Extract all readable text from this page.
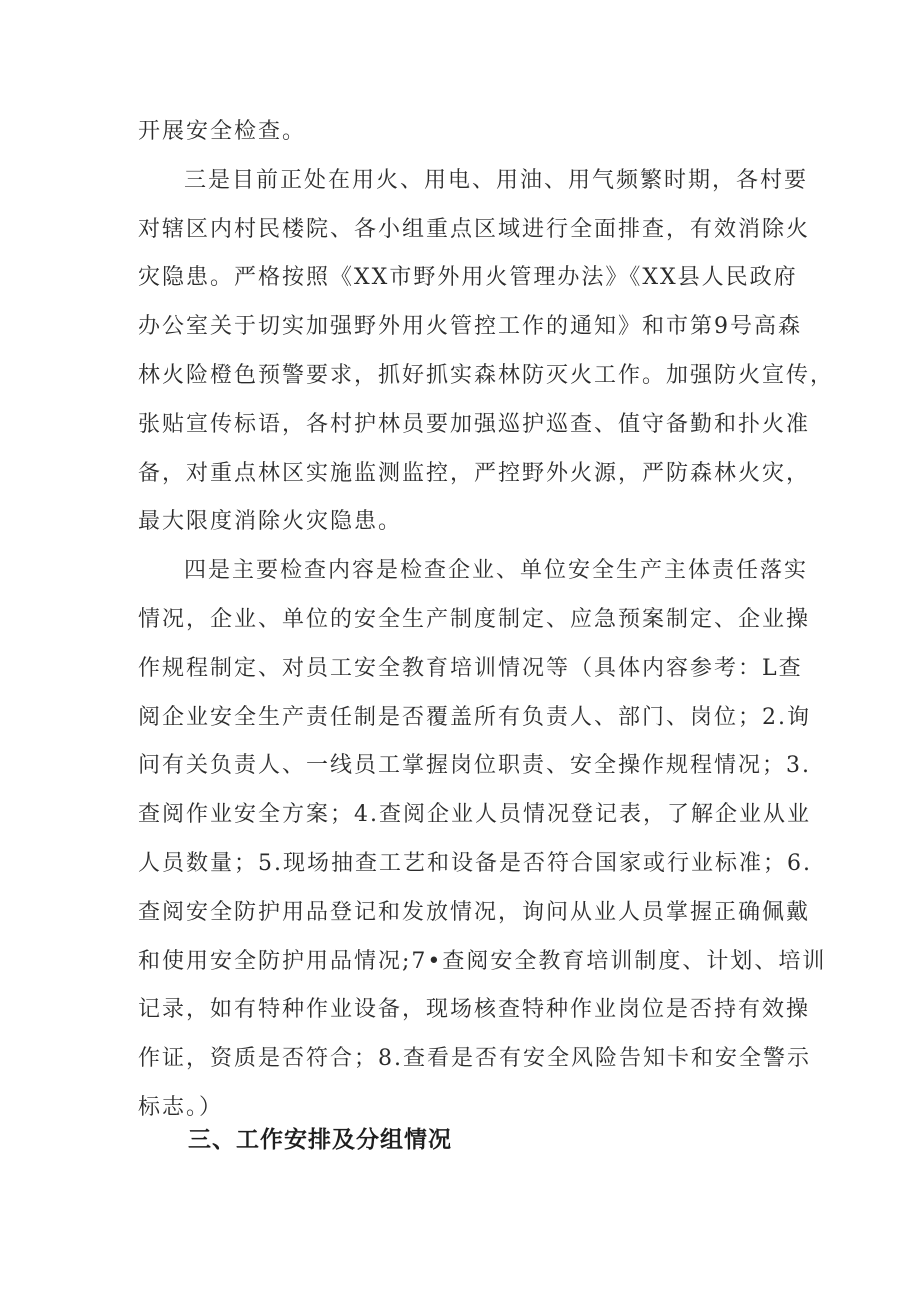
开展安全检查。
三是目前正处在用火、用电、用油、用气频繁时期，各村要
对辖区内村民楼院、各小组重点区域进行全面排查，有效消除火
灾隐患。严格按照《XX市野外用火管理办法》《XX县人民政府
办公室关于切实加强野外用火管控工作的通知》和市第9号高森
林火险橙色预警要求，抓好抓实森林防灭火工作。加强防火宣传，
张贴宣传标语，各村护林员要加强巡护巡查、值守备勤和扑火准
备，对重点林区实施监测监控，严控野外火源，严防森林火灾，
最大限度消除火灾隐患。
四是主要检查内容是检查企业、单位安全生产主体责任落实
情况，企业、单位的安全生产制度制定、应急预案制定、企业操
作规程制定、对员工安全教育培训情况等（具体内容参考：L查
阅企业安全生产责任制是否覆盖所有负责人、部门、岗位；2.询
问有关负责人、一线员工掌握岗位职责、安全操作规程情况；3.
查阅作业安全方案；4.查阅企业人员情况登记表，了解企业从业
人员数量；5.现场抽查工艺和设备是否符合国家或行业标准；6.
查阅安全防护用品登记和发放情况，询问从业人员掌握正确佩戴
和使用安全防护用品情况;7•查阅安全教育培训制度、计划、培训
记录，如有特种作业设备，现场核查特种作业岗位是否持有效操
作证，资质是否符合；8.查看是否有安全风险告知卡和安全警示
标志。）
三、工作安排及分组情况
